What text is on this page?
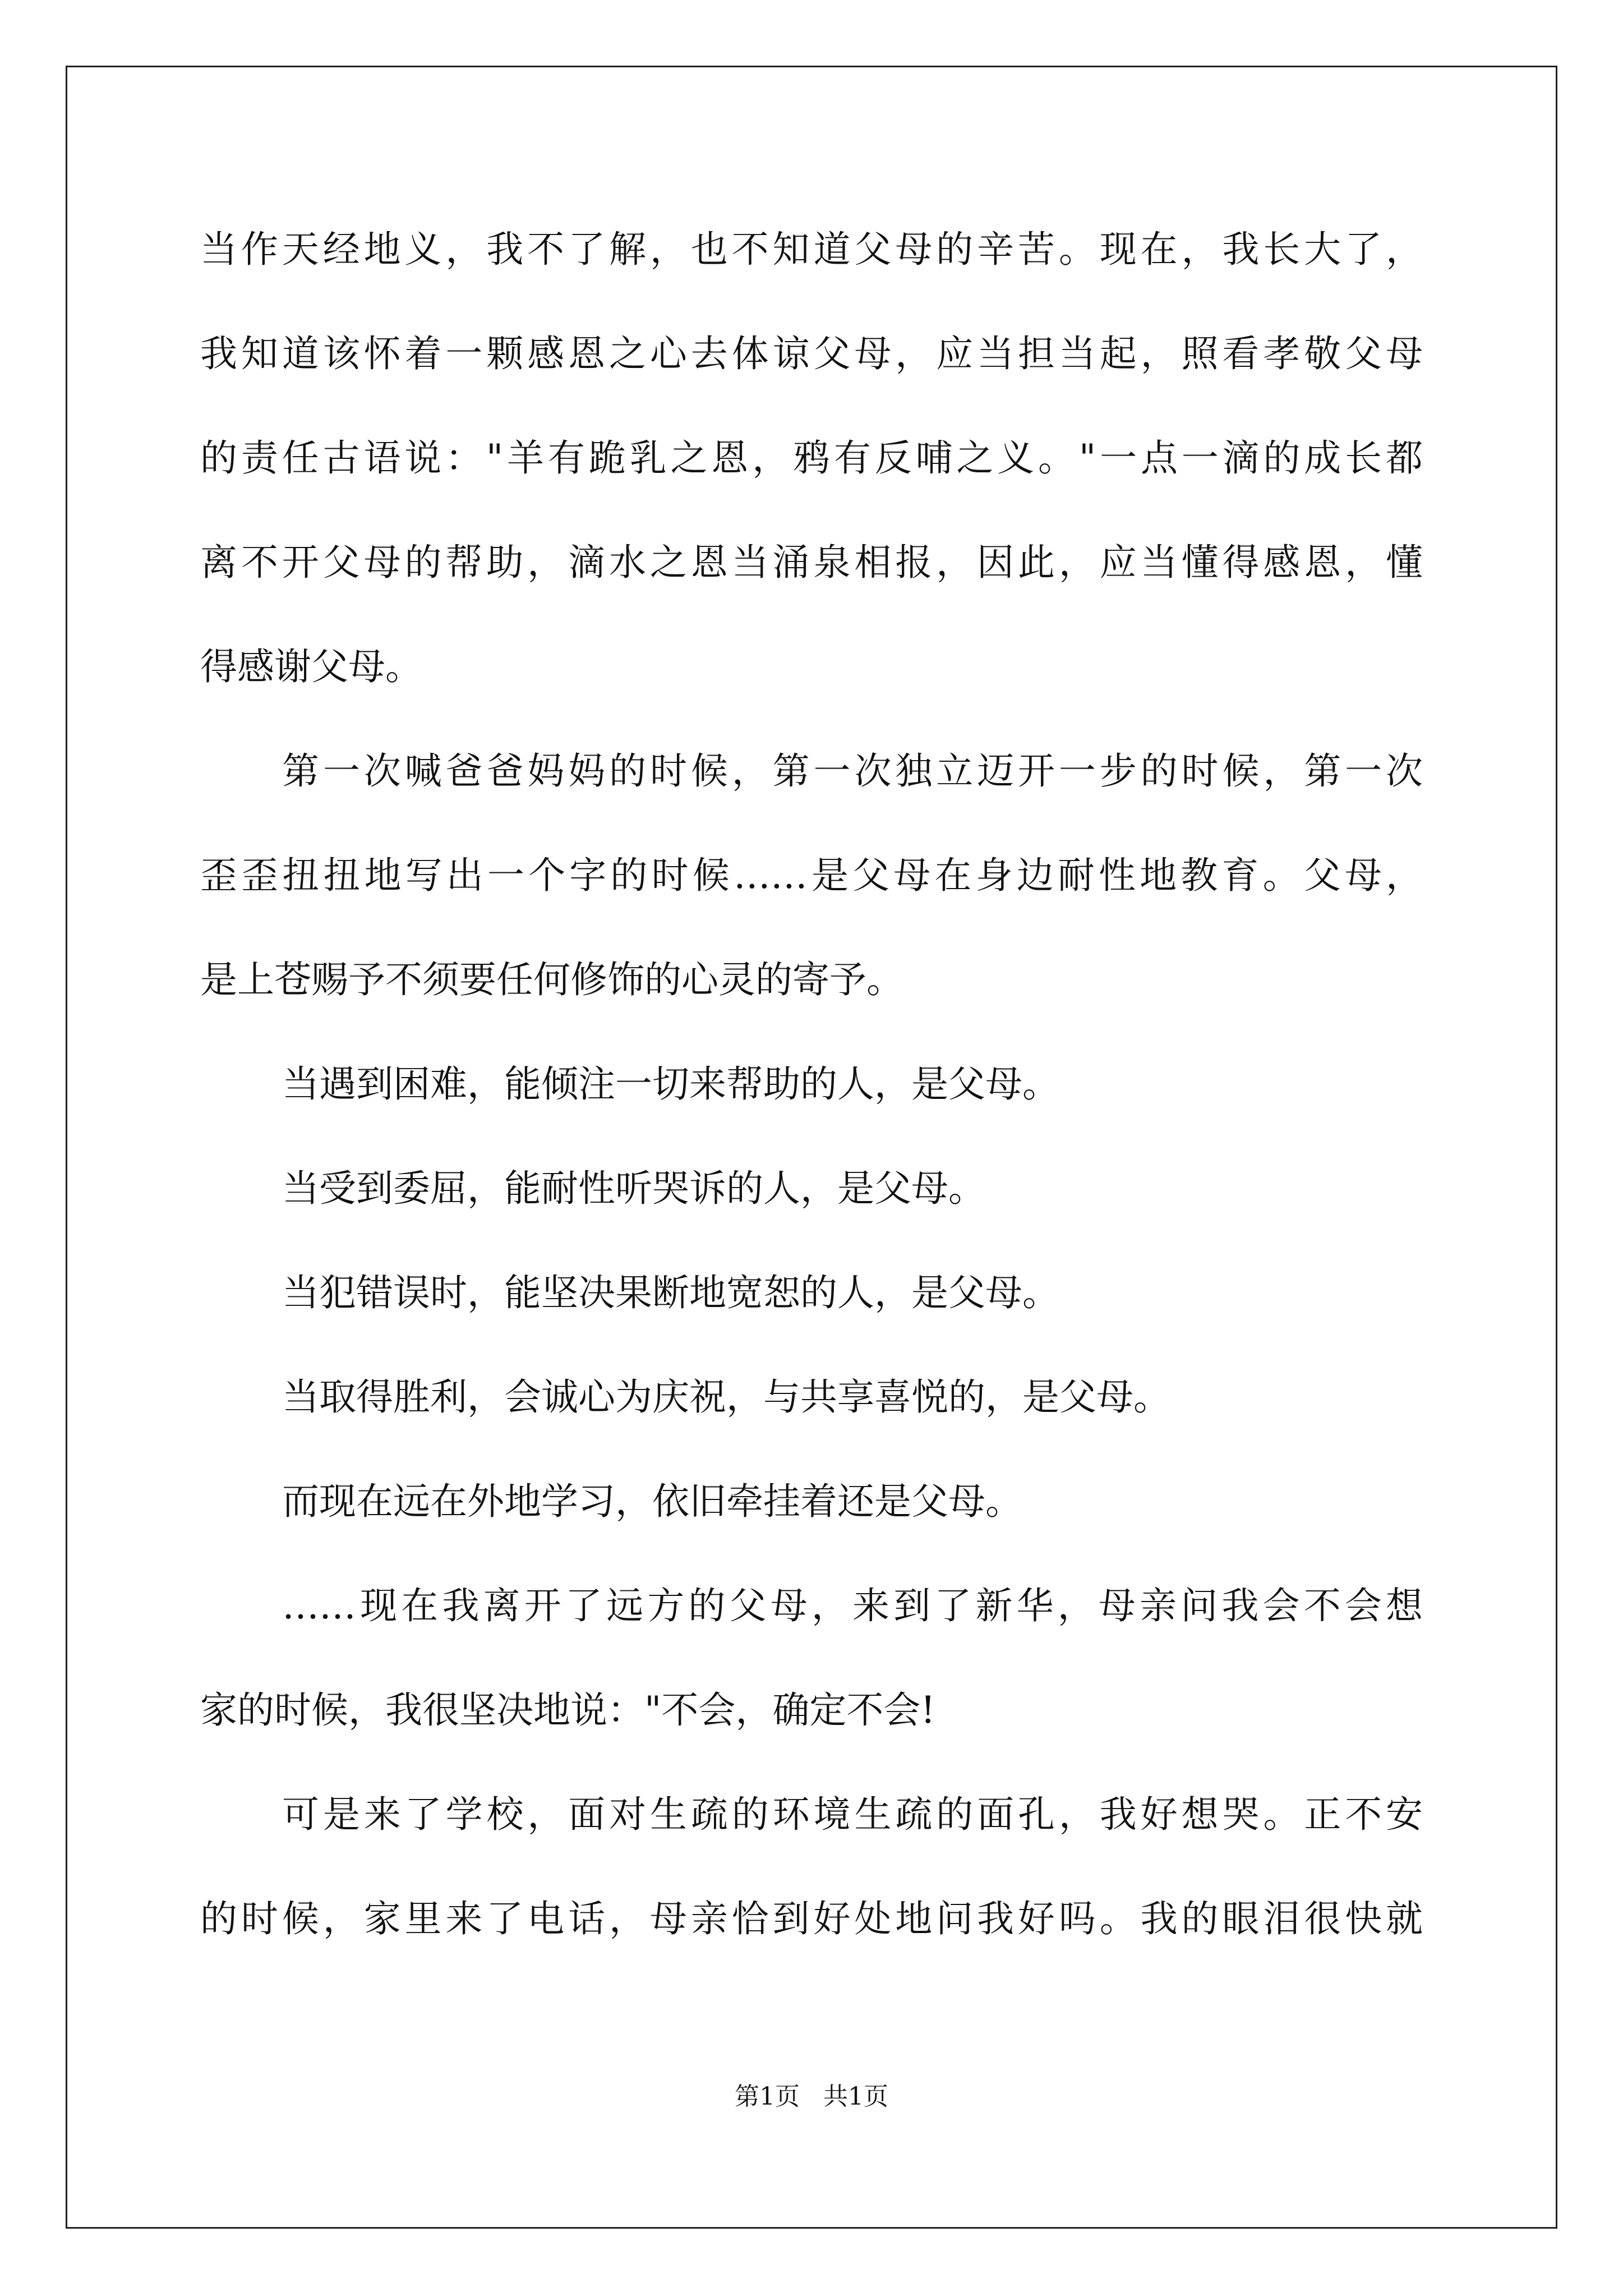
当作天经地义，我不了解，也不知道父母的辛苦。现在，我长大了，
我知道该怀着一颗感恩之心去体谅父母，应当担当起，照看孝敬父母
的责任古语说："羊有跪乳之恩，鸦有反哺之义。"一点一滴的成长都
离不开父母的帮助，滴水之恩当涌泉相报，因此，应当懂得感恩，懂
得感谢父母。
第一次喊爸爸妈妈的时候，第一次独立迈开一步的时候，第一次
歪歪扭扭地写出一个字的时候……是父母在身边耐性地教育。父母，
是上苍赐予不须要任何修饰的心灵的寄予。
当遇到困难，能倾注一切来帮助的人，是父母。
当受到委屈，能耐性听哭诉的人，是父母。
当犯错误时，能坚决果断地宽恕的人，是父母。
当取得胜利，会诚心为庆祝，与共享喜悦的，是父母。
而现在远在外地学习，依旧牵挂着还是父母。
……现在我离开了远方的父母，来到了新华，母亲问我会不会想
家的时候，我很坚决地说："不会，确定不会!
可是来了学校，面对生疏的环境生疏的面孔，我好想哭。正不安
的时候，家里来了电话，母亲恰到好处地问我好吗。我的眼泪很快就
第1页 共1页
